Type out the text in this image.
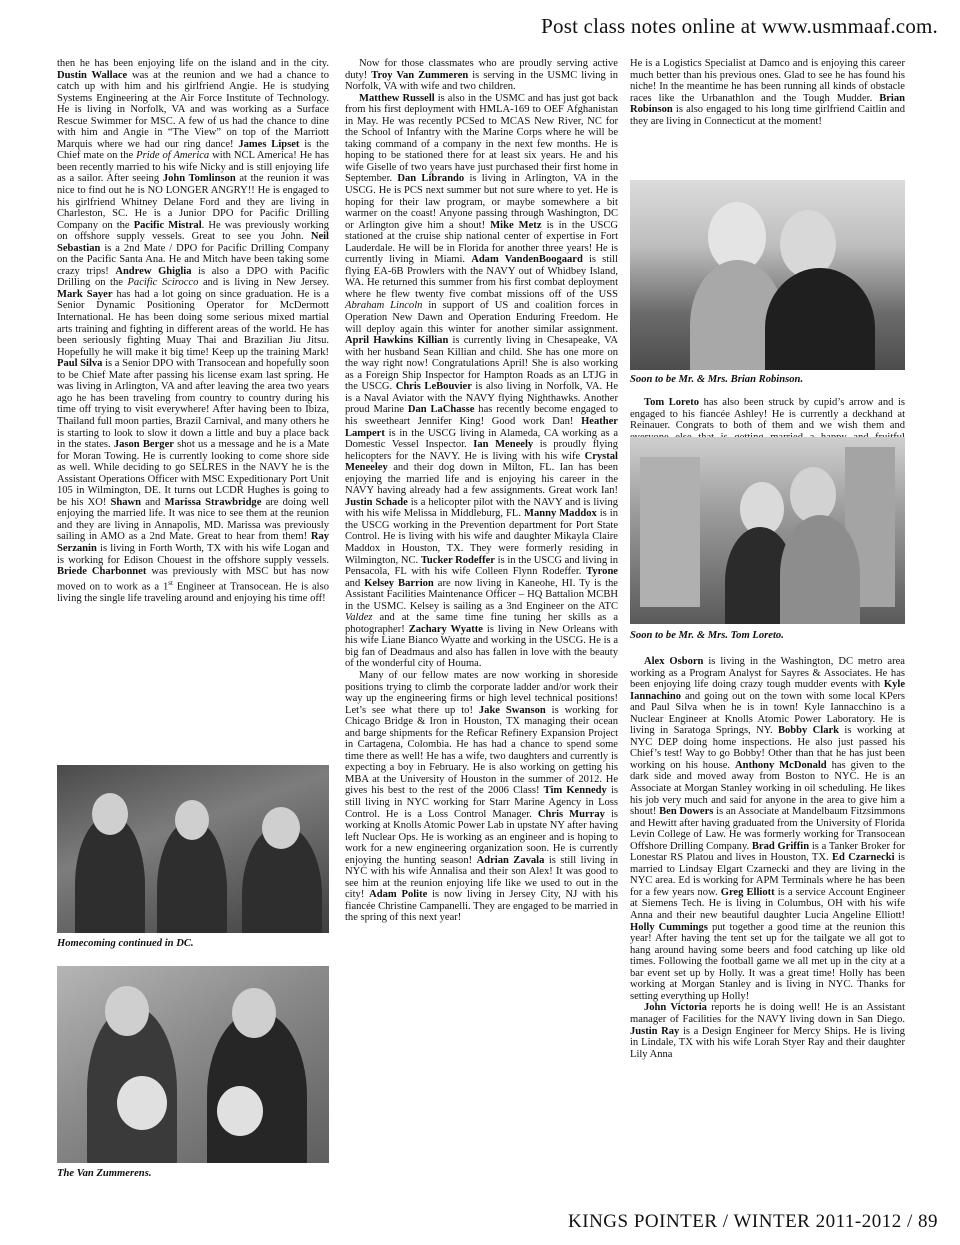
Post class notes online at www.usmmaaf.com.

then he has been enjoying life on the island and in the city. Dustin Wallace was at the reunion and we had a chance to catch up with him and his girlfriend Angie. He is studying Systems Engineering at the Air Force Institute of Technology. He is living in Norfolk, VA and was working as a Surface Rescue Swimmer for MSC. A few of us had the chance to dine with him and Angie in “The View” on top of the Marriott Marquis where we had our ring dance! James Lipset is the Chief mate on the Pride of America with NCL America! He has been recently married to his wife Nicky and is still enjoying life as a sailor. After seeing John Tomlinson at the reunion it was nice to find out he is NO LONGER ANGRY!! He is engaged to his girlfriend Whitney Delane Ford and they are living in Charleston, SC. He is a Junior DPO for Pacific Drilling Company on the Pacific Mistral. He was previously working on offshore supply vessels. Great to see you John. Neil Sebastian is a 2nd Mate / DPO for Pacific Drilling Company on the Pacific Santa Ana. He and Mitch have been taking some crazy trips! Andrew Ghiglia is also a DPO with Pacific Drilling on the Pacific Scirocco and is living in New Jersey. Mark Sayer has had a lot going on since graduation. He is a Senior Dynamic Positioning Operator for McDermott International. He has been doing some serious mixed martial arts training and fighting in different areas of the world. He has been seriously fighting Muay Thai and Brazilian Jiu Jitsu. Hopefully he will make it big time! Keep up the training Mark! Paul Silva is a Senior DPO with Transocean and hopefully soon to be Chief Mate after passing his license exam last spring. He was living in Arlington, VA and after leaving the area two years ago he has been traveling from country to country during his time off trying to visit everywhere! After having been to Ibiza, Thailand full moon parties, Brazil Carnival, and many others he is starting to look to slow it down a little and buy a place back in the states. Jason Berger shot us a message and he is a Mate for Moran Towing. He is currently looking to come shore side as well. While deciding to go SELRES in the NAVY he is the Assistant Operations Officer with MSC Expeditionary Port Unit 105 in Wilmington, DE. It turns out LCDR Hughes is going to be his XO! Shawn and Marissa Strawbridge are doing well enjoying the married life. It was nice to see them at the reunion and they are living in Annapolis, MD. Marissa was previously sailing in AMO as a 2nd Mate. Great to hear from them! Ray Serzanin is living in Forth Worth, TX with his wife Logan and is working for Edison Chouest in the offshore supply vessels. Briede Charbonnet was previously with MSC but has now moved on to work as a 1st Engineer at Transocean. He is also living the single life traveling around and enjoying his time off!

Homecoming continued in DC.
The Van Zummerens.

Now for those classmates who are proudly serving active duty! Troy Van Zummeren is serving in the USMC living in Norfolk, VA with wife and two children.

Matthew Russell is also in the USMC and has just got back from his first deployment with HMLA-169 to OEF Afghanistan in May. He was recently PCSed to MCAS New River, NC for the School of Infantry with the Marine Corps where he will be taking command of a company in the next few months. He is hoping to be stationed there for at least six years. He and his wife Giselle of two years have just purchased their first home in September. Dan Librando is living in Arlington, VA in the USCG. He is PCS next summer but not sure where to yet. He is hoping for their law program, or maybe somewhere a bit warmer on the coast! Anyone passing through Washington, DC or Arlington give him a shout! Mike Metz is in the USCG stationed at the cruise ship national center of expertise in Fort Lauderdale. He will be in Florida for another three years! He is currently living in Miami. Adam VandenBoogaard is still flying EA-6B Prowlers with the NAVY out of Whidbey Island, WA. He returned this summer from his first combat deployment where he flew twenty five combat missions off of the USS Abraham Lincoln in support of US and coalition forces in Operation New Dawn and Operation Enduring Freedom. He will deploy again this winter for another similar assignment. April Hawkins Killian is currently living in Chesapeake, VA with her husband Sean Killian and child. She has one more on the way right now! Congratulations April! She is also working as a Foreign Ship Inspector for Hampton Roads as an LTJG in the USCG. Chris LeBouvier is also living in Norfolk, VA. He is a Naval Aviator with the NAVY flying Nighthawks. Another proud Marine Dan LaChasse has recently become engaged to his sweetheart Jennifer King! Good work Dan! Heather Lampert is in the USCG living in Alameda, CA working as a Domestic Vessel Inspector. Ian Meneely is proudly flying helicopters for the NAVY. He is living with his wife Crystal Meneeley and their dog down in Milton, FL. Ian has been enjoying the married life and is enjoying his career in the NAVY having already had a few assignments. Great work Ian! Justin Schade is a helicopter pilot with the NAVY and is living with his wife Melissa in Middleburg, FL. Manny Maddox is in the USCG working in the Prevention department for Port State Control. He is living with his wife and daughter Mikayla Claire Maddox in Houston, TX. They were formerly residing in Wilmington, NC. Tucker Rodeffer is in the USCG and living in Pensacola, FL with his wife Colleen Flynn Rodeffer. Tyrone and Kelsey Barrion are now living in Kaneohe, HI. Ty is the Assistant Facilities Maintenance Officer – HQ Battalion MCBH in the USMC. Kelsey is sailing as a 3nd Engineer on the ATC Valdez and at the same time fine tuning her skills as a photographer! Zachary Wyatte is living in New Orleans with his wife Liane Bianco Wyatte and working in the USCG. He is a big fan of Deadmaus and also has fallen in love with the beauty of the wonderful city of Houma.

Many of our fellow mates are now working in shoreside positions trying to climb the corporate ladder and/or work their way up the engineering firms or high level technical positions! Let’s see what there up to! Jake Swanson is working for Chicago Bridge & Iron in Houston, TX managing their ocean and barge shipments for the Reficar Refinery Expansion Project in Cartagena, Colombia. He has had a chance to spend some time there as well! He has a wife, two daughters and currently is expecting a boy in February. He is also working on getting his MBA at the University of Houston in the summer of 2012. He gives his best to the rest of the 2006 Class! Tim Kennedy is still living in NYC working for Starr Marine Agency in Loss Control. He is a Loss Control Manager. Chris Murray is working at Knolls Atomic Power Lab in upstate NY after having left Nuclear Ops. He is working as an engineer and is hoping to work for a new engineering organization soon. He is currently enjoying the hunting season! Adrian Zavala is still living in NYC with his wife Annalisa and their son Alex! It was good to see him at the reunion enjoying life like we used to out in the city! Adam Polite is now living in Jersey City, NJ with his fiancée Christine Campanelli. They are engaged to be married in the spring of this next year!

He is a Logistics Specialist at Damco and is enjoying this career much better than his previous ones. Glad to see he has found his niche! In the meantime he has been running all kinds of obstacle races like the Urbanathlon and the Tough Mudder. Brian Robinson is also engaged to his long time girlfriend Caitlin and they are living in Connecticut at the moment!

Soon to be Mr. & Mrs. Brian Robinson.

Tom Loreto has also been struck by cupid’s arrow and is engaged to his fiancée Ashley! He is currently a deckhand at Reinauer. Congrats to both of them and we wish them and

Soon to be Mr. & Mrs. Tom Loreto.

Alex Osborn is living in the Washington, DC metro area working as a Program Analyst for Sayres & Associates. He has been enjoying life doing crazy tough mudder events with Kyle Iannachino and going out on the town with some local KPers and Paul Silva when he is in town! Kyle Iannacchino is a Nuclear Engineer at Knolls Atomic Power Laboratory. He is living in Saratoga Springs, NY. Bobby Clark is working at NYC DEP doing home inspections. He also just passed his Chief’s test! Way to go Bobby! Other than that he has just been working on his house. Anthony McDonald has given to the dark side and moved away from Boston to NYC. He is an Associate at Morgan Stanley working in oil scheduling. He likes his job very much and said for anyone in the area to give him a shout! Ben Dowers is an Associate at Mandelbaum Fitzsimmons and Hewitt after having graduated from the University of Florida Levin College of Law. He was formerly working for Transocean Offshore Drilling Company. Brad Griffin is a Tanker Broker for Lonestar RS Platou and lives in Houston, TX. Ed Czarnecki is married to Lindsay Elgart Czarnecki and they are living in the NYC area. Ed is working for APM Terminals where he has been for a few years now. Greg Elliott is a service Account Engineer at Siemens Tech. He is living in Columbus, OH with his wife Anna and their new beautiful daughter Lucia Angeline Elliott! Holly Cummings put together a good time at the reunion this year! After having the tent set up for the tailgate we all got to hang around having some beers and food catching up like old times. Following the football game we all met up in the city at a bar event set up by Holly. It was a great time! Holly has been working at Morgan Stanley and is living in NYC. Thanks for setting everything up Holly!

John Victoria reports he is doing well! He is an Assistant manager of Facilities for the NAVY living down in San Diego. Justin Ray is a Design Engineer for Mercy Ships. He is living in Lindale, TX with his wife Lorah Styer Ray and their daughter Lily Anna

KINGS POINTER / WINTER 2011-2012 / 89
